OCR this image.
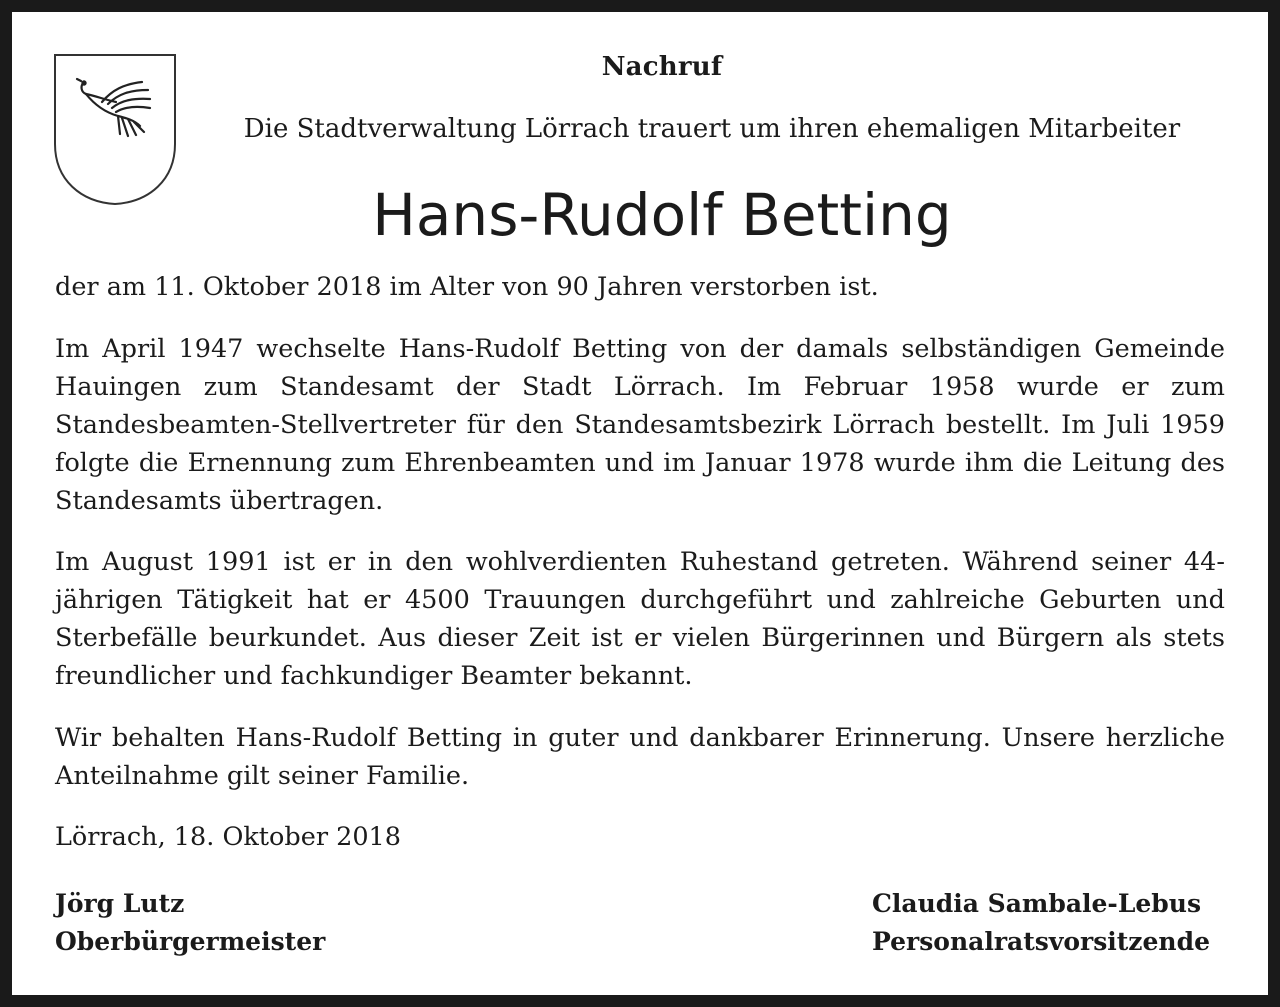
Nachruf
Die Stadtverwaltung Lörrach trauert um ihren ehemaligen Mitarbeiter
Hans-Rudolf Betting
der am 11. Oktober 2018 im Alter von 90 Jahren verstorben ist.
Im April 1947 wechselte Hans-Rudolf Betting von der damals selbständigen Gemeinde Hauingen zum Standesamt der Stadt Lörrach. Im Februar 1958 wurde er zum Standesbeamten-Stellvertreter für den Standesamtsbezirk Lörrach bestellt. Im Juli 1959 folgte die Ernennung zum Ehrenbeamten und im Januar 1978 wurde ihm die Leitung des Standesamts übertragen.
Im August 1991 ist er in den wohlverdienten Ruhestand getreten. Während seiner 44-jährigen Tätigkeit hat er 4500 Trauungen durchgeführt und zahlreiche Geburten und Sterbefälle beurkundet. Aus dieser Zeit ist er vielen Bürgerinnen und Bürgern als stets freundlicher und fachkundiger Beamter bekannt.
Wir behalten Hans-Rudolf Betting in guter und dankbarer Erinnerung. Unsere herzliche Anteilnahme gilt seiner Familie.
Lörrach, 18. Oktober 2018
Jörg Lutz
Oberbürgermeister
Claudia Sambale-Lebus
Personalratsvorsitzende
